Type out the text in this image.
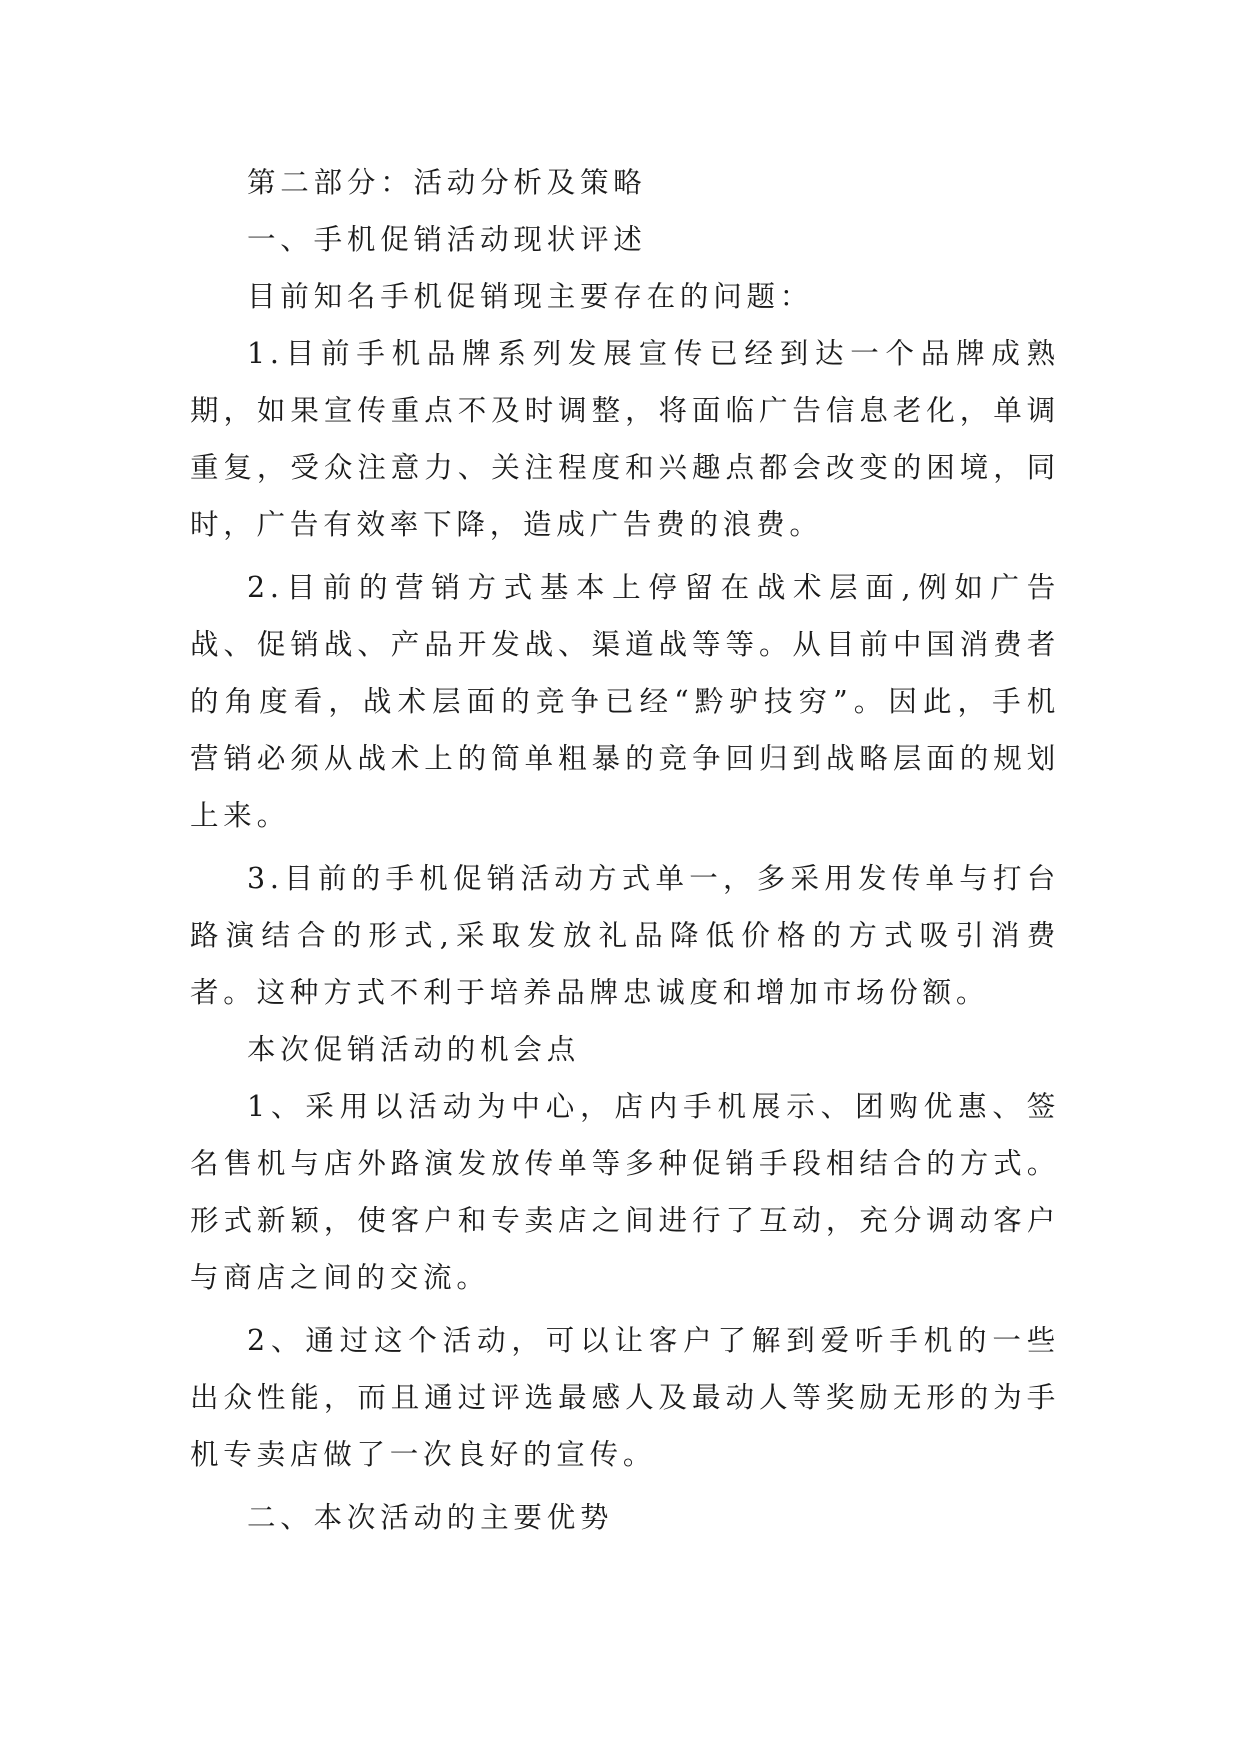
第二部分：活动分析及策略

一、手机促销活动现状评述

目前知名手机促销现主要存在的问题：

1.目前手机品牌系列发展宣传已经到达一个品牌成熟期，如果宣传重点不及时调整，将面临广告信息老化，单调重复，受众注意力、关注程度和兴趣点都会改变的困境，同时，广告有效率下降，造成广告费的浪费。

2.目前的营销方式基本上停留在战术层面,例如广告战、促销战、产品开发战、渠道战等等。从目前中国消费者的角度看，战术层面的竞争已经“黔驴技穷”。因此，手机营销必须从战术上的简单粗暴的竞争回归到战略层面的规划上来。

3.目前的手机促销活动方式单一，多采用发传单与打台路演结合的形式,采取发放礼品降低价格的方式吸引消费者。这种方式不利于培养品牌忠诚度和增加市场份额。

本次促销活动的机会点

1、采用以活动为中心，店内手机展示、团购优惠、签名售机与店外路演发放传单等多种促销手段相结合的方式。形式新颖，使客户和专卖店之间进行了互动，充分调动客户与商店之间的交流。

2、通过这个活动，可以让客户了解到爱听手机的一些出众性能，而且通过评选最感人及最动人等奖励无形的为手机专卖店做了一次良好的宣传。

二、本次活动的主要优势
